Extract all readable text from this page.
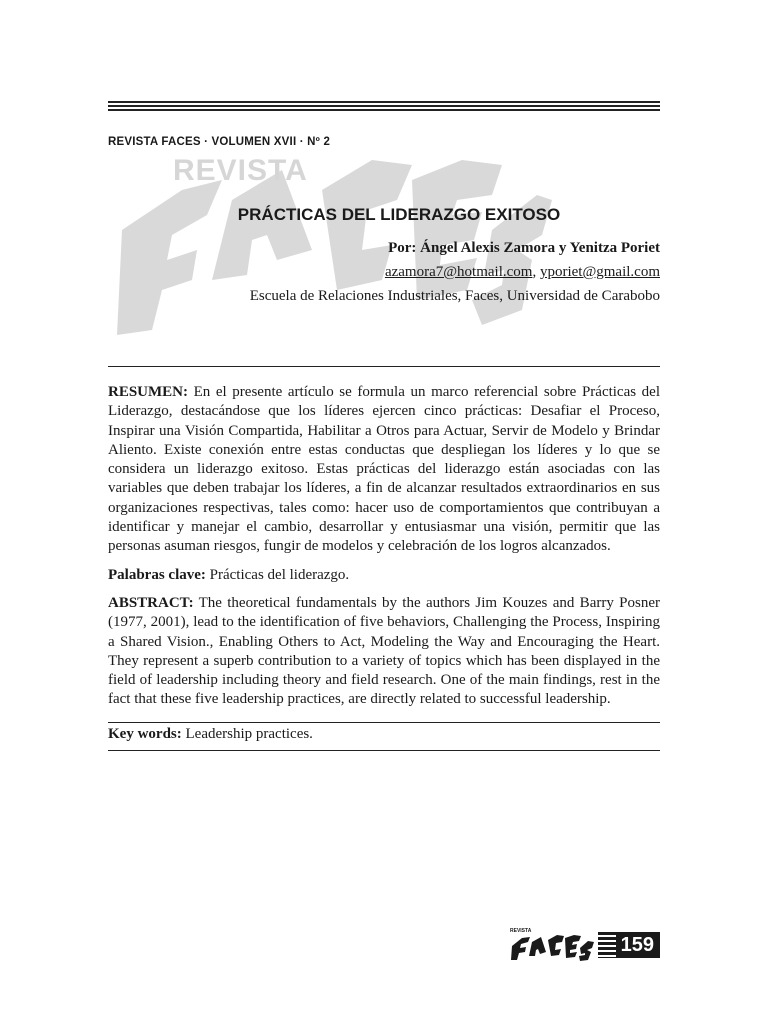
REVISTA FACES · VOLUMEN XVII · Nº 2
REVISTA
PRÁCTICAS DEL LIDERAZGO EXITOSO
Por: Ángel Alexis Zamora y Yenitza Poriet
azamora7@hotmail.com, yporiet@gmail.com
Escuela de Relaciones Industriales, Faces, Universidad de Carabobo

RESUMEN: En el presente artículo se formula un marco referencial sobre Prácticas del Liderazgo, destacándose que los líderes ejercen cinco prácticas: Desafiar el Proceso, Inspirar una Visión Compartida, Habilitar a Otros para Actuar, Servir de Modelo y Brindar Aliento. Existe conexión entre estas conductas que despliegan los líderes y lo que se considera un liderazgo exitoso. Estas prácticas del liderazgo están asociadas con las variables que deben trabajar los líderes, a fin de alcanzar resultados extraordinarios en sus organizaciones respectivas, tales como: hacer uso de comportamientos que contribuyan a identificar y manejar el cambio, desarrollar y entusiasmar una visión, permitir que las personas asuman riesgos, fungir de modelos y celebración de los logros alcanzados.

Palabras clave: Prácticas del liderazgo.

ABSTRACT: The theoretical fundamentals by the authors Jim Kouzes and Barry Posner (1977, 2001), lead to the identification of five behaviors, Challenging the Process, Inspiring a Shared Vision., Enabling Others to Act, Modeling the Way and Encouraging the Heart. They represent a superb contribution to a variety of topics which has been displayed in the field of leadership including theory and field research. One of the main findings, rest in the fact that these five leadership practices, are directly related to successful leadership.

Key words: Leadership practices.
REVISTA
159
